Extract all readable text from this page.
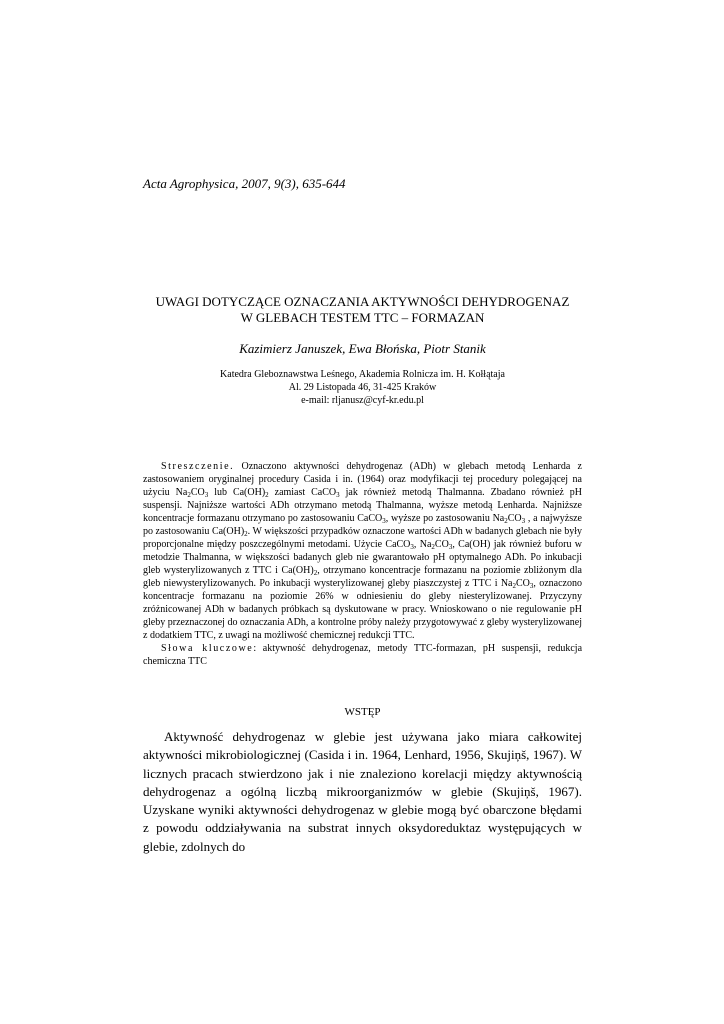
Acta Agrophysica, 2007, 9(3), 635-644
UWAGI DOTYCZĄCE OZNACZANIA AKTYWNOŚCI DEHYDROGENAZ
W GLEBACH TESTEM TTC – FORMAZAN
Kazimierz Januszek, Ewa Błońska, Piotr Stanik
Katedra Gleboznawstwa Leśnego, Akademia Rolnicza im. H. Kołłątaja
Al. 29 Listopada 46, 31-425 Kraków
e-mail: rljanusz@cyf-kr.edu.pl

Streszczenie. Oznaczono aktywności dehydrogenaz (ADh) w glebach metodą Lenharda z zastosowaniem oryginalnej procedury Casida i in. (1964) oraz modyfikacji tej procedury polegającej na użyciu $Na_2CO_3$ lub $Ca(OH)_2$ zamiast CaCO$_3$ jak również metodą Thalmanna. Zbadano również pH suspensji. Najniższe wartości ADh otrzymano metodą Thalmanna, wyższe metodą Lenharda. Najniższe koncentracje formazanu otrzymano po zastosowaniu CaCO$_3$, wyższe po zastosowaniu $Na_2CO_3$ , a najwyższe po zastosowaniu $Ca(OH)_2$. W większości przypadków oznaczone wartości ADh w badanych glebach nie były proporcjonalne między poszczególnymi metodami. Użycie CaCO$_3$, $Na_2CO_3$, Ca(OH) jak również buforu w metodzie Thalmanna, w większości badanych gleb nie gwarantowało pH optymalnego ADh. Po inkubacji gleb wysterylizowanych z TTC i $Ca(OH)_2$, otrzymano koncentracje formazanu na poziomie zbliżonym dla gleb niewysterylizowanych. Po inkubacji wysterylizowanej gleby piaszczystej z TTC i $Na_2CO_3$, oznaczono koncentracje formazanu na poziomie 26% w odniesieniu do gleby niesterylizowanej. Przyczyny zróżnicowanej ADh w badanych próbkach są dyskutowane w pracy. Wnioskowano o nie regulowanie pH gleby przeznaczonej do oznaczania ADh, a kontrolne próby należy przygotowywać z gleby wysterylizowanej z dodatkiem TTC, z uwagi na możliwość chemicznej redukcji TTC.

Słowa kluczowe: aktywność dehydrogenaz, metody TTC-formazan, pH suspensji, redukcja chemiczna TTC

WSTĘP

Aktywność dehydrogenaz w glebie jest używana jako miara całkowitej aktywności mikrobiologicznej (Casida i in. 1964, Lenhard, 1956, Skujiņš, 1967). W licznych pracach stwierdzono jak i nie znaleziono korelacji między aktywnością dehydrogenaz a ogólną liczbą mikroorganizmów w glebie (Skujiņš, 1967). Uzyskane wyniki aktywności dehydrogenaz w glebie mogą być obarczone błędami z powodu oddziaływania na substrat innych oksydoreduktaz występujących w glebie, zdolnych do
